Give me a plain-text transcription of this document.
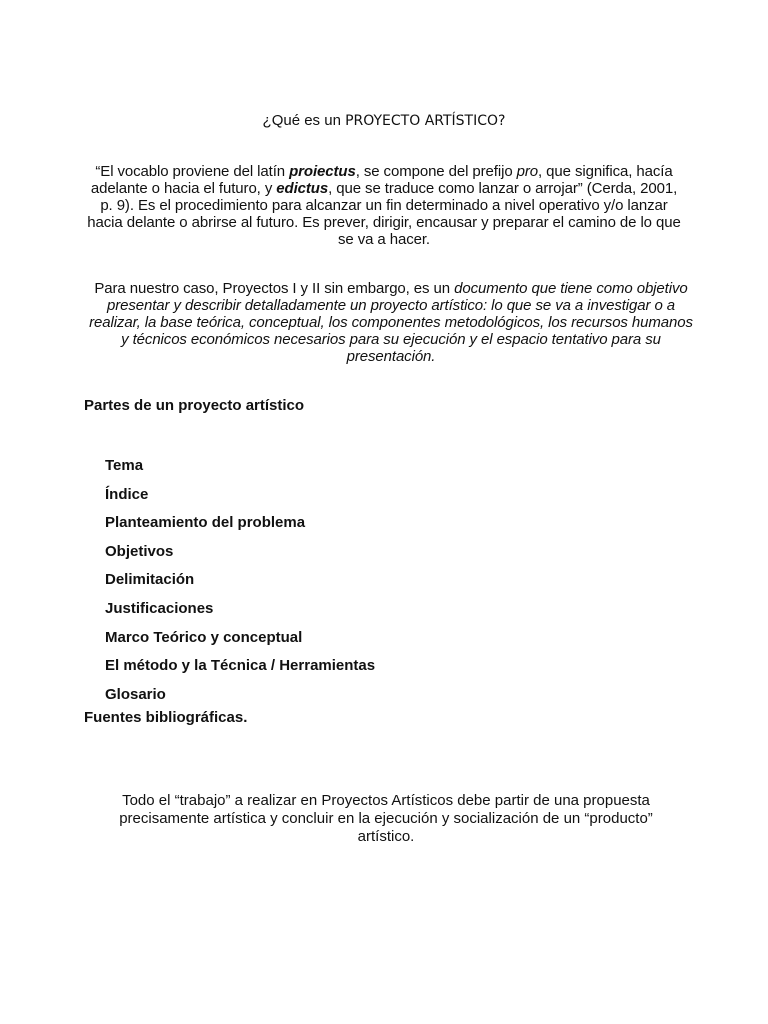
¿Qué es un PROYECTO ARTÍSTICO?

“El vocablo proviene del latín proiectus, se compone del prefijo pro, que significa, hacía adelante o hacia el futuro, y edictus, que se traduce como lanzar o arrojar” (Cerda, 2001, p. 9). Es el procedimiento para alcanzar un fin determinado a nivel operativo y/o lanzar hacia delante o abrirse al futuro. Es prever, dirigir, encausar y preparar el camino de lo que se va a hacer.

Para nuestro caso, Proyectos I y II sin embargo, es un documento que tiene como objetivo presentar y describir detalladamente un proyecto artístico: lo que se va a investigar o a realizar, la base teórica, conceptual, los componentes metodológicos, los recursos humanos y técnicos económicos necesarios para su ejecución y el espacio tentativo para su presentación.

Partes de un proyecto artístico
Tema
Índice
Planteamiento del problema
Objetivos
Delimitación
Justificaciones
Marco Teórico y conceptual
El método y la Técnica / Herramientas
Glosario
Fuentes bibliográficas.

Todo el “trabajo” a realizar en Proyectos Artísticos debe partir de una propuesta precisamente artística y concluir en la ejecución y socialización de un “producto” artístico.
